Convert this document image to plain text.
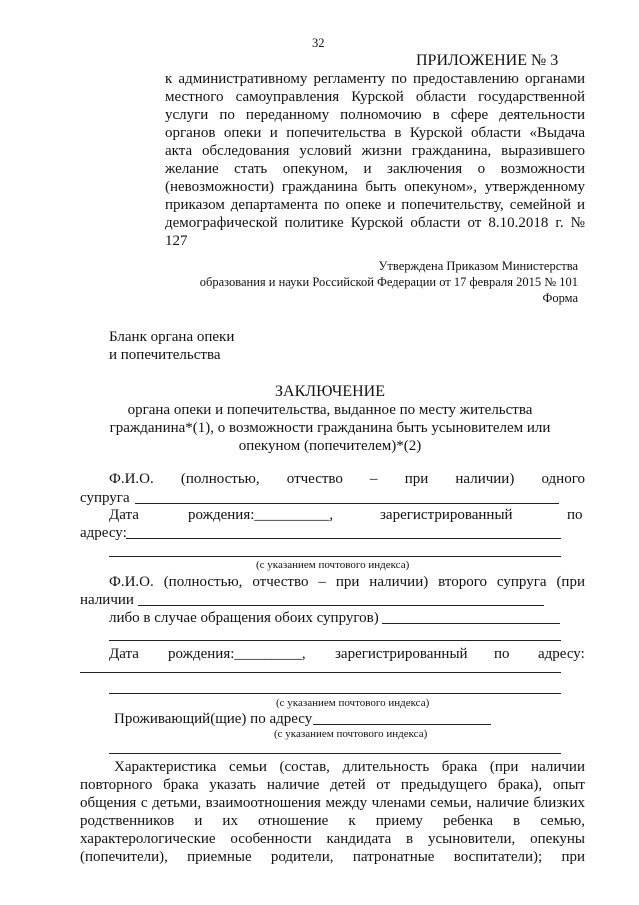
32
ПРИЛОЖЕНИЕ № 3
к административному регламенту по предоставлению органами
местного самоуправления Курской области государственной
услуги по переданному полномочию в сфере деятельности
органов опеки и попечительства в Курской области «Выдача
акта обследования условий жизни гражданина, выразившего
желание стать опекуном, и заключения о возможности
(невозможности) гражданина быть опекуном», утвержденному
приказом департамента по опеке и попечительству, семейной и
демографической политике Курской области от 8.10.2018 г. №
127
Утверждена Приказом Министерства
образования и науки Российской Федерации от 17 февраля 2015 № 101
Форма
Бланк органа опеки
и попечительства
ЗАКЛЮЧЕНИЕ
органа опеки и попечительства, выданное по месту жительства
гражданина*(1), о возможности гражданина быть усыновителем или
опекуном (попечителем)*(2)
Ф.И.О. (полностью, отчество – при наличии) одного
супруга
Дата	рождения:__________,	зарегистрированный	по
адресу:
(с указанием почтового индекса)
Ф.И.О. (полностью, отчество – при наличии) второго супруга (при
наличии
либо в случае обращения обоих супругов)
Дата рождения:_________, зарегистрированный по адресу:
(с указанием почтового индекса)
Проживающий(щие) по адресу
(с указанием почтового индекса)
Характеристика семьи (состав, длительность брака (при наличии
повторного брака указать наличие детей от предыдущего брака), опыт
общения с детьми, взаимоотношения между членами семьи, наличие близких
родственников и их отношение к приему ребенка в семью,
характерологические особенности кандидата в усыновители, опекуны
(попечители), приемные родители, патронатные воспитатели); при
